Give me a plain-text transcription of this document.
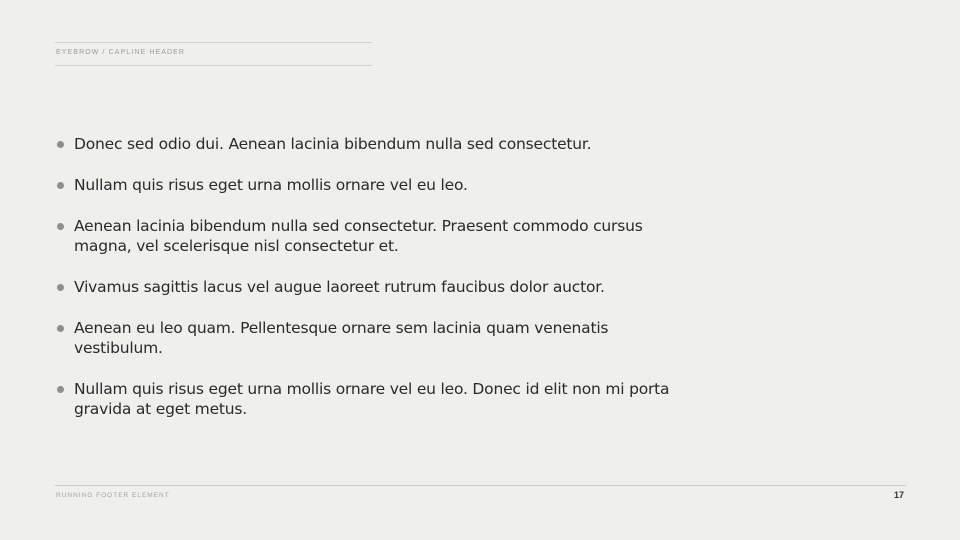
EYEBROW / CAPLINE HEADER
Donec sed odio dui. Aenean lacinia bibendum nulla sed consectetur.
Nullam quis risus eget urna mollis ornare vel eu leo.
Aenean lacinia bibendum nulla sed consectetur. Praesent commodo cursus magna, vel scelerisque nisl consectetur et.
Vivamus sagittis lacus vel augue laoreet rutrum faucibus dolor auctor.
Aenean eu leo quam. Pellentesque ornare sem lacinia quam venenatis vestibulum.
Nullam quis risus eget urna mollis ornare vel eu leo. Donec id elit non mi porta gravida at eget metus.
RUNNING FOOTER ELEMENT	17
